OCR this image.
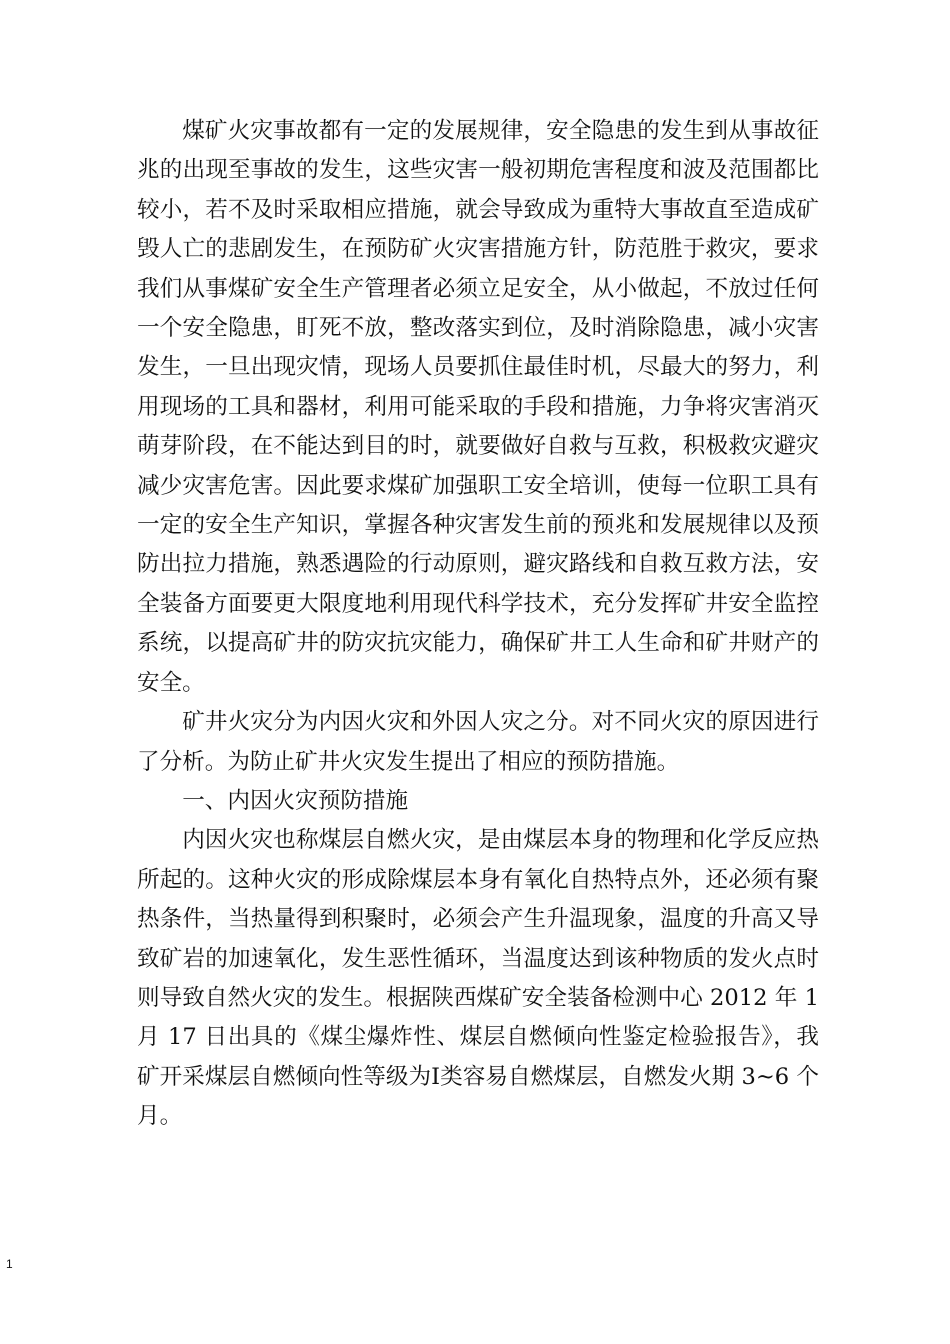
煤矿火灾事故都有一定的发展规律，安全隐患的发生到从事故征兆的出现至事故的发生，这些灾害一般初期危害程度和波及范围都比较小，若不及时采取相应措施，就会导致成为重特大事故直至造成矿毁人亡的悲剧发生，在预防矿火灾害措施方针，防范胜于救灾，要求我们从事煤矿安全生产管理者必须立足安全，从小做起，不放过任何一个安全隐患，盯死不放，整改落实到位，及时消除隐患，减小灾害发生，一旦出现灾情，现场人员要抓住最佳时机，尽最大的努力，利用现场的工具和器材，利用可能采取的手段和措施，力争将灾害消灭萌芽阶段，在不能达到目的时，就要做好自救与互救，积极救灾避灾减少灾害危害。因此要求煤矿加强职工安全培训，使每一位职工具有一定的安全生产知识，掌握各种灾害发生前的预兆和发展规律以及预防出拉力措施，熟悉遇险的行动原则，避灾路线和自救互救方法，安全装备方面要更大限度地利用现代科学技术，充分发挥矿井安全监控系统，以提高矿井的防灾抗灾能力，确保矿井工人生命和矿井财产的安全。

矿井火灾分为内因火灾和外因人灾之分。对不同火灾的原因进行了分析。为防止矿井火灾发生提出了相应的预防措施。

一、内因火灾预防措施

内因火灾也称煤层自燃火灾，是由煤层本身的物理和化学反应热所起的。这种火灾的形成除煤层本身有氧化自热特点外，还必须有聚热条件，当热量得到积聚时，必须会产生升温现象，温度的升高又导致矿岩的加速氧化，发生恶性循环，当温度达到该种物质的发火点时则导致自然火灾的发生。根据陕西煤矿安全装备检测中心 2012 年 1 月 17 日出具的《煤尘爆炸性、煤层自燃倾向性鉴定检验报告》，我矿开采煤层自燃倾向性等级为Ⅰ类容易自燃煤层，自燃发火期 3~6 个月。

1
